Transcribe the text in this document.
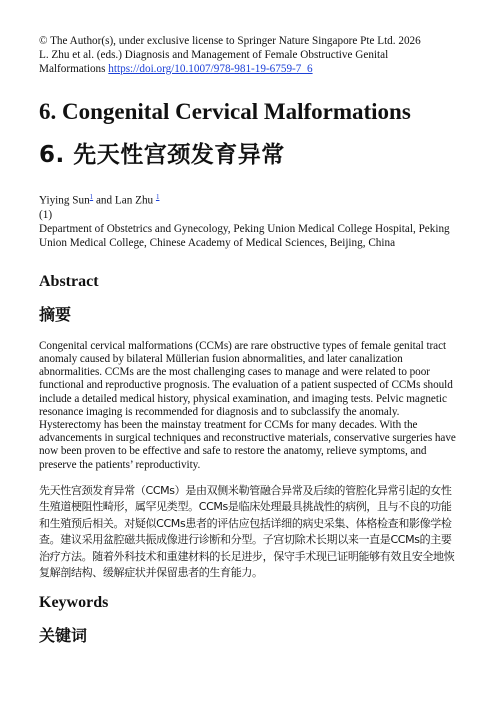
© The Author(s), under exclusive license to Springer Nature Singapore Pte Ltd. 2026
L. Zhu et al. (eds.) Diagnosis and Management of Female Obstructive Genital
Malformations https://doi.org/10.1007/978-981-19-6759-7_6
6. Congenital Cervical Malformations
6. 先天性宫颈发育异常
Yiying Sun$^1$ and Lan Zhu $^1$
(1)
Department of Obstetrics and Gynecology, Peking Union Medical College Hospital, Peking Union Medical College, Chinese Academy of Medical Sciences, Beijing, China
Abstract
摘要

Congenital cervical malformations (CCMs) are rare obstructive types of female genital tract anomaly caused by bilateral Müllerian fusion abnormalities, and later canalization abnormalities. CCMs are the most challenging cases to manage and were related to poor functional and reproductive prognosis. The evaluation of a patient suspected of CCMs should include a detailed medical history, physical examination, and imaging tests. Pelvic magnetic resonance imaging is recommended for diagnosis and to subclassify the anomaly. Hysterectomy has been the mainstay treatment for CCMs for many decades. With the advancements in surgical techniques and reconstructive materials, conservative surgeries have now been proven to be effective and safe to restore the anatomy, relieve symptoms, and preserve the patients’ reproductivity.

先天性宫颈发育异常（CCMs）是由双侧米勒管融合异常及后续的管腔化异常引起的女性生殖道梗阻性畸形，属罕见类型。CCMs是临床处理最具挑战性的病例，且与不良的功能和生殖预后相关。对疑似CCMs患者的评估应包括详细的病史采集、体格检查和影像学检查。建议采用盆腔磁共振成像进行诊断和分型。子宫切除术长期以来一直是CCMs的主要治疗方法。随着外科技术和重建材料的长足进步，保守手术现已证明能够有效且安全地恢复解剖结构、缓解症状并保留患者的生育能力。

Keywords
关键词
